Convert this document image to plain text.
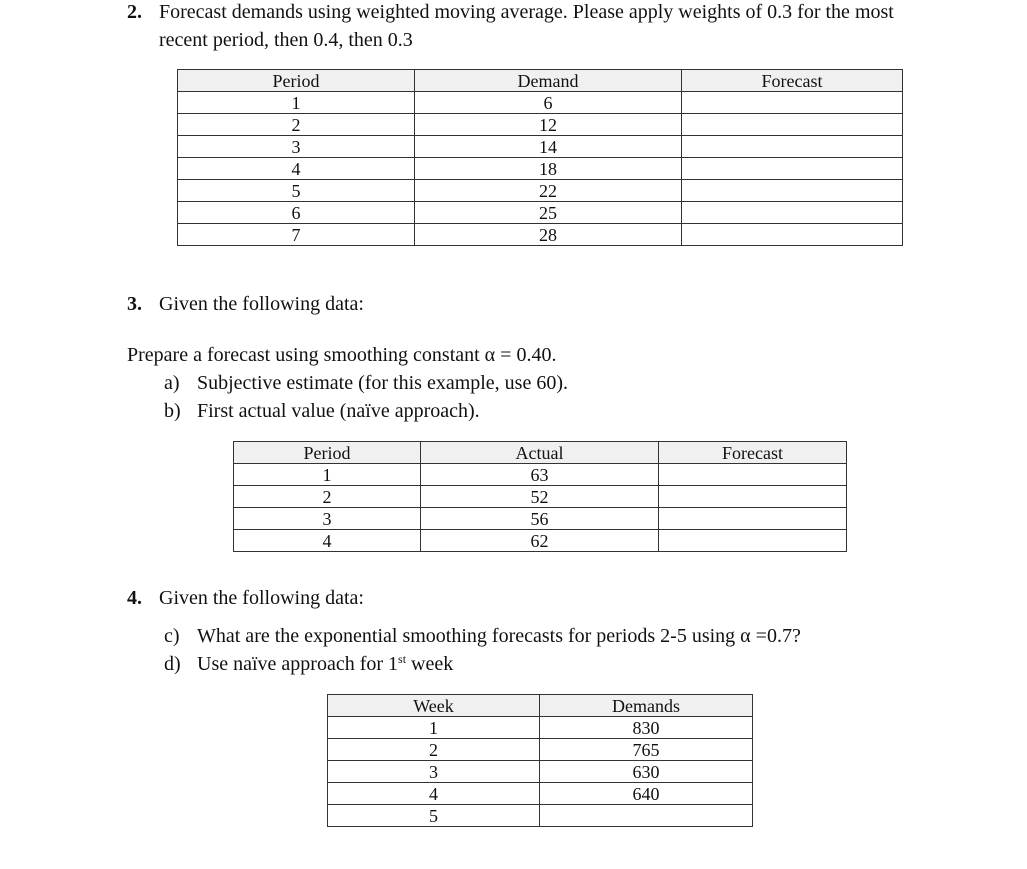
2. Forecast demands using weighted moving average. Please apply weights of 0.3 for the most
recent period, then 0.4, then 0.3
Period	Demand	Forecast
1	6	
2	12	
3	14	
4	18	
5	22	
6	25	
7	28	
3. Given the following data:
Prepare a forecast using smoothing constant α = 0.40.
a) Subjective estimate (for this example, use 60).
b) First actual value (naïve approach).
Period	Actual	Forecast
1	63	
2	52	
3	56	
4	62	
4. Given the following data:
c) What are the exponential smoothing forecasts for periods 2-5 using α =0.7?
d) Use naïve approach for 1st week
Week	Demands
1	830
2	765
3	630
4	640
5	
